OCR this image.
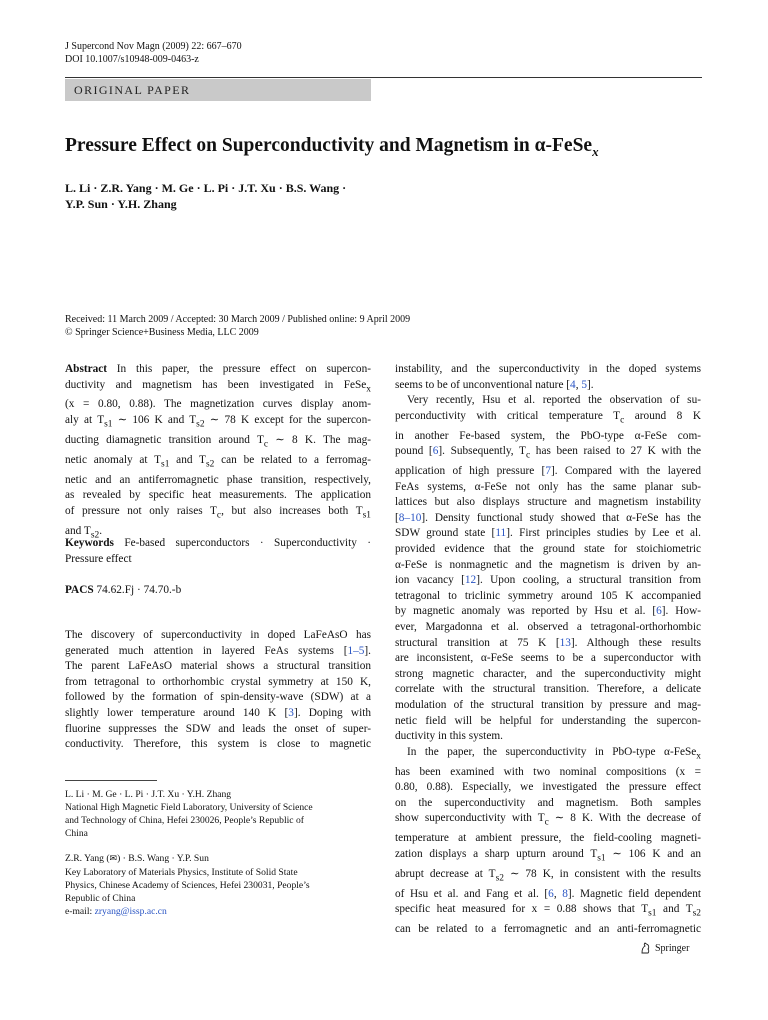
J Supercond Nov Magn (2009) 22: 667–670
DOI 10.1007/s10948-009-0463-z
ORIGINAL PAPER
Pressure Effect on Superconductivity and Magnetism in α-FeSe$_x$
L. Li · Z.R. Yang · M. Ge · L. Pi · J.T. Xu · B.S. Wang ·
Y.P. Sun · Y.H. Zhang
Received: 11 March 2009 / Accepted: 30 March 2009 / Published online: 9 April 2009
© Springer Science+Business Media, LLC 2009
Abstract In this paper, the pressure effect on supercon-
ductivity and magnetism has been investigated in FeSe$_x$
(x = 0.80, 0.88). The magnetization curves display anom-
aly at $T_{s1}$ ∼ 106 K and $T_{s2}$ ∼ 78 K except for the supercon-
ducting diamagnetic transition around $T_c$ ∼ 8 K. The mag-
netic anomaly at $T_{s1}$ and $T_{s2}$ can be related to a ferromag-
netic and an antiferromagnetic phase transition, respectively,
as revealed by specific heat measurements. The application
of pressure not only raises $T_c$, but also increases both $T_{s1}$
and $T_{s2}$.
Keywords Fe-based superconductors · Superconductivity ·
Pressure effect
PACS 74.62.Fj · 74.70.-b
The discovery of superconductivity in doped LaFeAsO has
generated much attention in layered FeAs systems [1–5].
The parent LaFeAsO material shows a structural transition
from tetragonal to orthorhombic crystal symmetry at 150 K,
followed by the formation of spin-density-wave (SDW) at a
slightly lower temperature around 140 K [3]. Doping with
fluorine suppresses the SDW and leads the onset of super-
conductivity. Therefore, this system is close to magnetic
L. Li · M. Ge · L. Pi · J.T. Xu · Y.H. Zhang
National High Magnetic Field Laboratory, University of Science
and Technology of China, Hefei 230026, People’s Republic of
China
Z.R. Yang (✉) · B.S. Wang · Y.P. Sun
Key Laboratory of Materials Physics, Institute of Solid State
Physics, Chinese Academy of Sciences, Hefei 230031, People’s
Republic of China
e-mail: zryang@issp.ac.cn
instability, and the superconductivity in the doped systems
seems to be of unconventional nature [4, 5].
Very recently, Hsu et al. reported the observation of su-
perconductivity with critical temperature $T_c$ around 8 K
in another Fe-based system, the PbO-type α-FeSe com-
pound [6]. Subsequently, $T_c$ has been raised to 27 K with the
application of high pressure [7]. Compared with the layered
FeAs systems, α-FeSe not only has the same planar sub-
lattices but also displays structure and magnetism instability
[8–10]. Density functional study showed that α-FeSe has the
SDW ground state [11]. First principles studies by Lee et al.
provided evidence that the ground state for stoichiometric
α-FeSe is nonmagnetic and the magnetism is driven by an-
ion vacancy [12]. Upon cooling, a structural transition from
tetragonal to triclinic symmetry around 105 K accompanied
by magnetic anomaly was reported by Hsu et al. [6]. How-
ever, Margadonna et al. observed a tetragonal-orthorhombic
structural transition at 75 K [13]. Although these results
are inconsistent, α-FeSe seems to be a superconductor with
strong magnetic character, and the superconductivity might
correlate with the structural transition. Therefore, a delicate
modulation of the structural transition by pressure and mag-
netic field will be helpful for understanding the supercon-
ductivity in this system.
In the paper, the superconductivity in PbO-type α-FeSe$_x$
has been examined with two nominal compositions (x =
0.80, 0.88). Especially, we investigated the pressure effect
on the superconductivity and magnetism. Both samples
show superconductivity with $T_c$ ∼ 8 K. With the decrease of
temperature at ambient pressure, the field-cooling magneti-
zation displays a sharp upturn around $T_{s1}$ ∼ 106 K and an
abrupt decrease at $T_{s2}$ ∼ 78 K, in consistent with the results
of Hsu et al. and Fang et al. [6, 8]. Magnetic field dependent
specific heat measured for x = 0.88 shows that $T_{s1}$ and $T_{s2}$
can be related to a ferromagnetic and an anti-ferromagnetic
Springer
